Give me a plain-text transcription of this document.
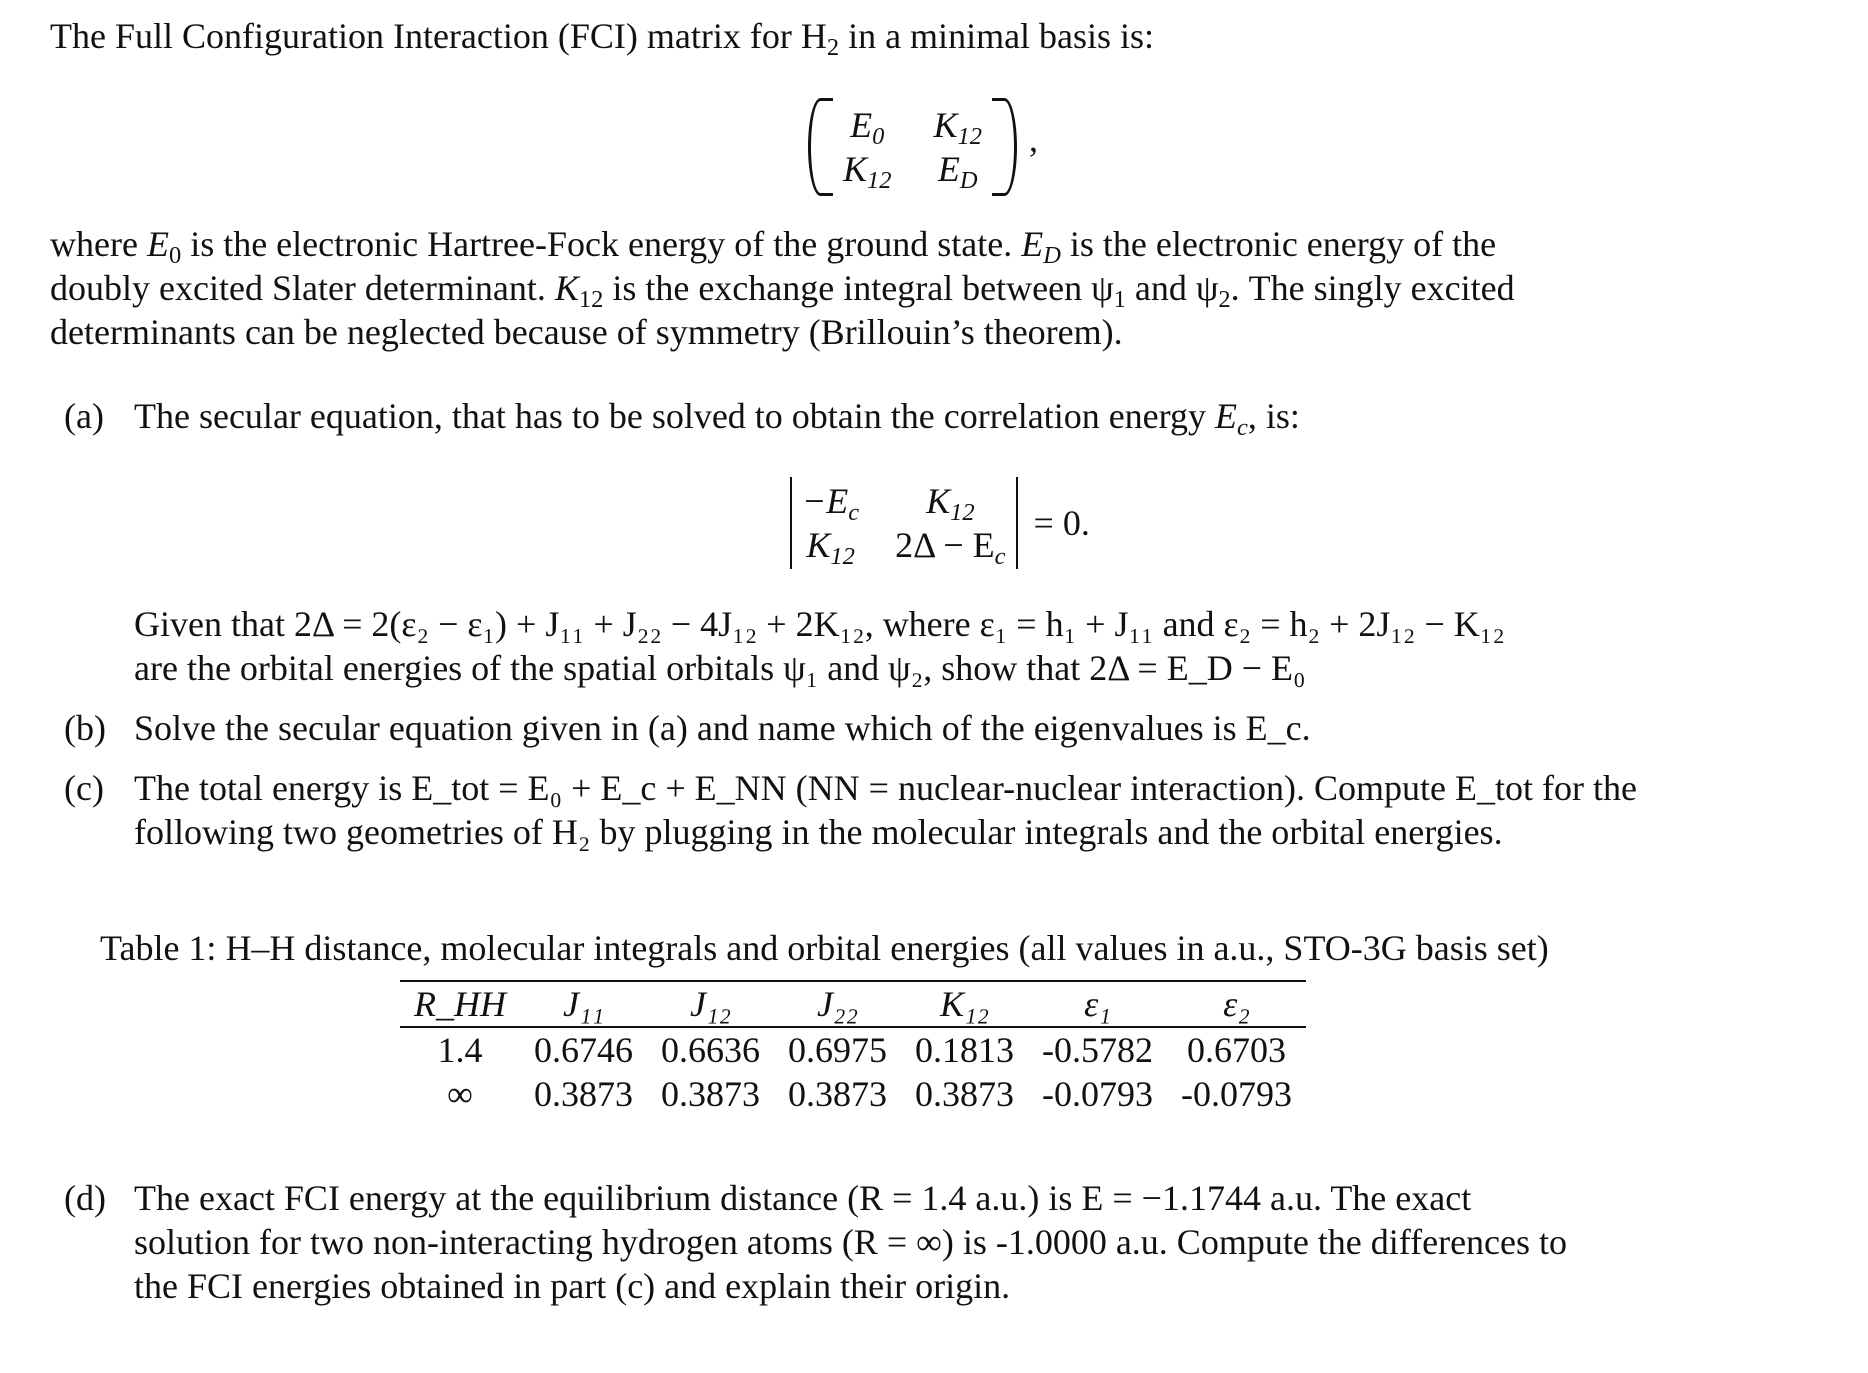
The Full Configuration Interaction (FCI) matrix for $H_2$ in a minimal basis is:
$E_0$ $K_{12}$
$K_{12}$ $E_D$
,
where $E_0$ is the electronic Hartree-Fock energy of the ground state. $E_D$ is the electronic energy of the
doubly excited Slater determinant. $K_{12}$ is the exchange integral between $\psi_1$ and $\psi_2$. The singly excited
determinants can be neglected because of symmetry (Brillouin’s theorem).
(a) The secular equation, that has to be solved to obtain the correlation energy $E_c$, is:
$-E_c$	$K_{12}$
$K_{12}$ $2\Delta - E_c$
= 0.
Given that 2Δ = 2(ε₂ − ε₁) + J₁₁ + J₂₂ − 4J₁₂ + 2K₁₂, where ε₁ = h₁ + J₁₁ and ε₂ = h₂ + 2J₁₂ − K₁₂
are the orbital energies of the spatial orbitals ψ₁ and ψ₂, show that 2Δ = E_D − E₀
(b) Solve the secular equation given in (a) and name which of the eigenvalues is E_c.
(c) The total energy is E_tot = E₀ + E_c + E_NN (NN = nuclear-nuclear interaction). Compute E_tot for the
following two geometries of H₂ by plugging in the molecular integrals and the orbital energies.
Table 1: H–H distance, molecular integrals and orbital energies (all values in a.u., STO-3G basis set)
R_HH	J₁₁	J₁₂	J₂₂	K₁₂	ε₁	ε₂
1.4	0.6746	0.6636	0.6975	0.1813	-0.5782	0.6703
∞	0.3873	0.3873	0.3873	0.3873	-0.0793	-0.0793
(d) The exact FCI energy at the equilibrium distance (R = 1.4 a.u.) is E = −1.1744 a.u. The exact
solution for two non-interacting hydrogen atoms (R = ∞) is -1.0000 a.u. Compute the differences to
the FCI energies obtained in part (c) and explain their origin.
